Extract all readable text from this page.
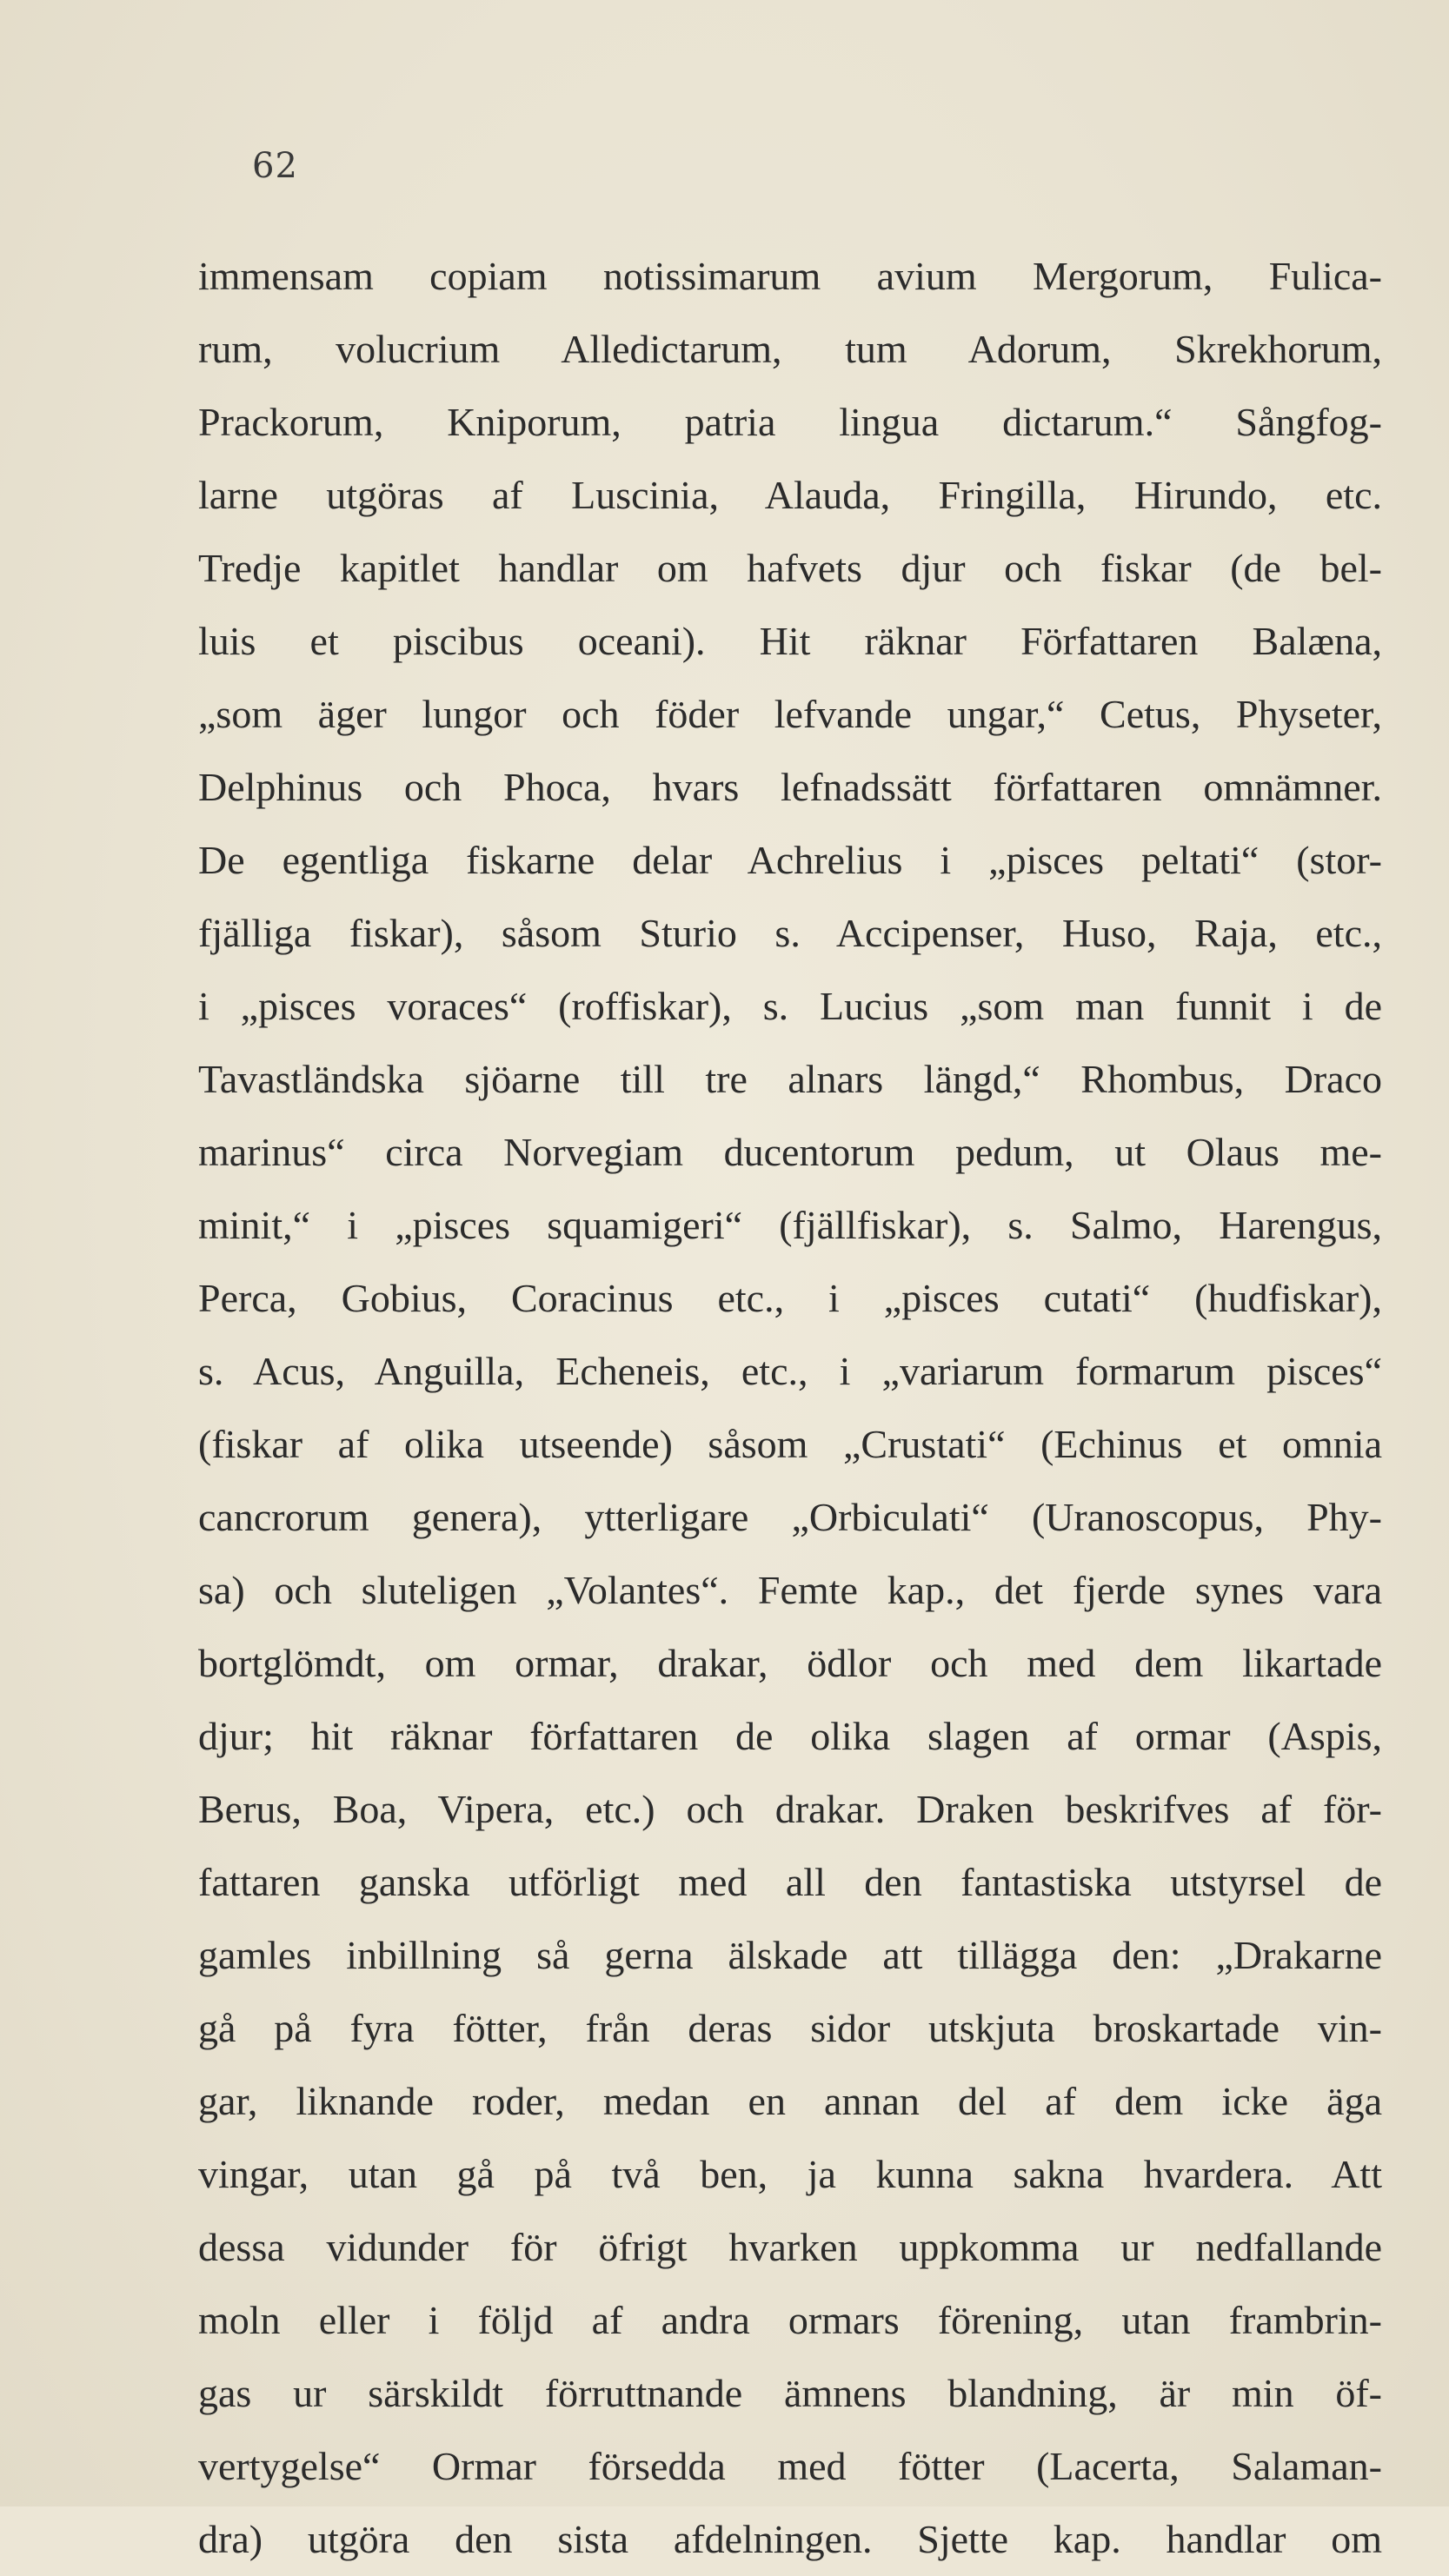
62
immensam copiam notissimarum avium Mergorum, Fulica-
rum, volucrium Alledictarum, tum Adorum, Skrekhorum,
Prackorum, Kniporum, patria lingua dictarum.“ Sångfog-
larne utgöras af Luscinia, Alauda, Fringilla, Hirundo, etc.
Tredje kapitlet handlar om hafvets djur och fiskar (de bel-
luis et piscibus oceani). Hit räknar Författaren Balæna,
„som äger lungor och föder lefvande ungar,“ Cetus, Physeter,
Delphinus och Phoca, hvars lefnadssätt författaren omnämner.
De egentliga fiskarne delar Achrelius i „pisces peltati“ (stor-
fjälliga fiskar), såsom Sturio s. Accipenser, Huso, Raja, etc.,
i „pisces voraces“ (roffiskar), s. Lucius „som man funnit i de
Tavastländska sjöarne till tre alnars längd,“ Rhombus, Draco
marinus“ circa Norvegiam ducentorum pedum, ut Olaus me-
minit,“ i „pisces squamigeri“ (fjällfiskar), s. Salmo, Harengus,
Perca, Gobius, Coracinus etc., i „pisces cutati“ (hudfiskar),
s. Acus, Anguilla, Echeneis, etc., i „variarum formarum pisces“
(fiskar af olika utseende) såsom „Crustati“ (Echinus et omnia
cancrorum genera), ytterligare „Orbiculati“ (Uranoscopus, Phy-
sa) och sluteligen „Volantes“. Femte kap., det fjerde synes vara
bortglömdt, om ormar, drakar, ödlor och med dem likartade
djur; hit räknar författaren de olika slagen af ormar (Aspis,
Berus, Boa, Vipera, etc.) och drakar. Draken beskrifves af för-
fattaren ganska utförligt med all den fantastiska utstyrsel de
gamles inbillning så gerna älskade att tillägga den: „Drakarne
gå på fyra fötter, från deras sidor utskjuta broskartade vin-
gar, liknande roder, medan en annan del af dem icke äga
vingar, utan gå på två ben, ja kunna sakna hvardera. Att
dessa vidunder för öfrigt hvarken uppkomma ur nedfallande
moln eller i följd af andra ormars förening, utan frambrin-
gas ur särskildt förruttnande ämnens blandning, är min öf-
vertygelse“ Ormar försedda med fötter (Lacerta, Salaman-
dra) utgöra den sista afdelningen. Sjette kap. handlar om
